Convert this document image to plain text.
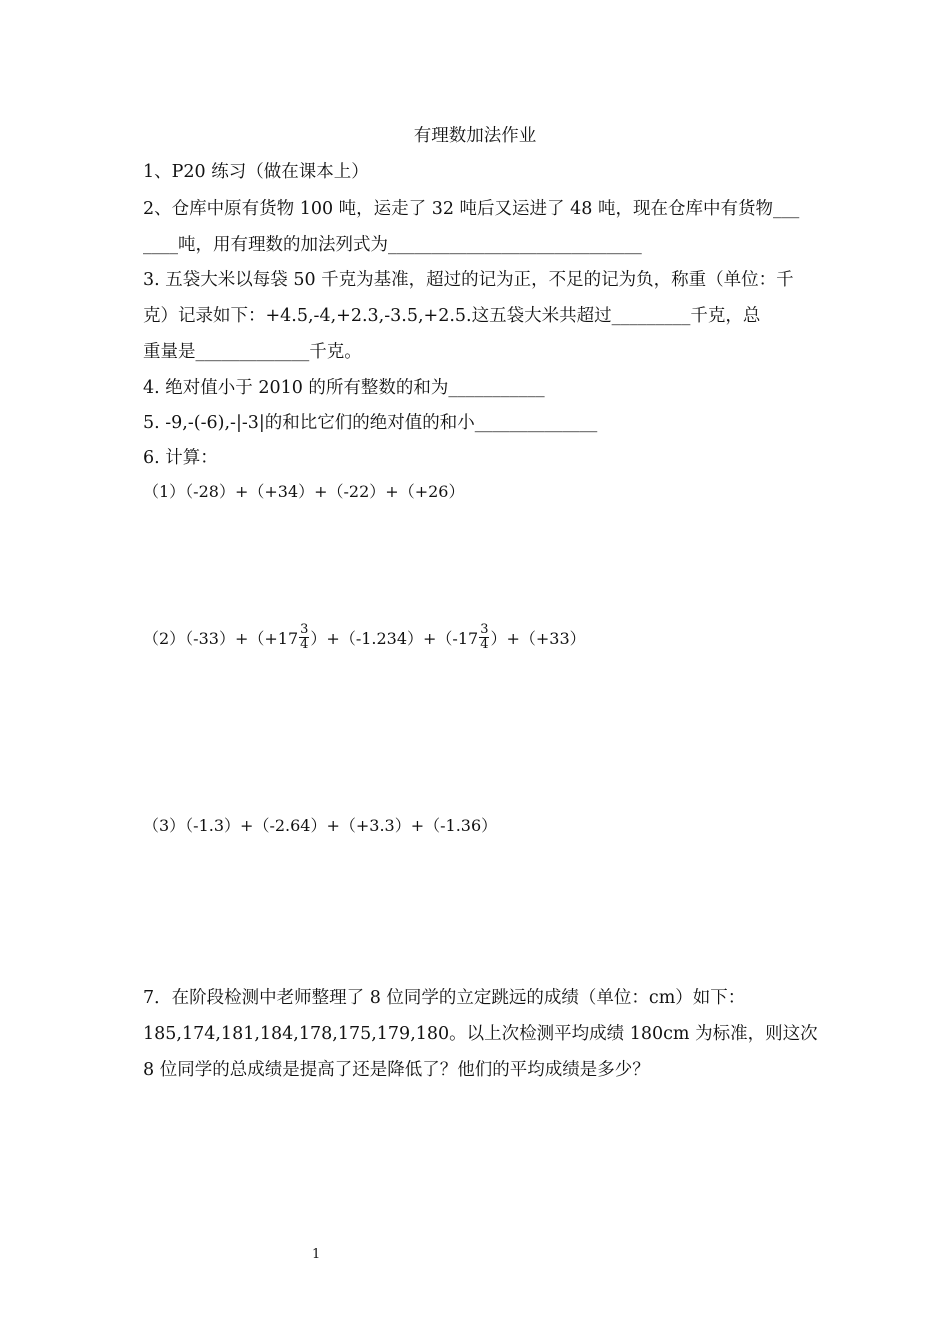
有理数加法作业
1、P20 练习（做在课本上）
2、仓库中原有货物 100 吨，运走了 32 吨后又运进了 48 吨，现在仓库中有货物___
____吨，用有理数的加法列式为_____________________________
3. 五袋大米以每袋 50 千克为基准，超过的记为正，不足的记为负，称重（单位：千
克）记录如下：+4.5,-4,+2.3,-3.5,+2.5.这五袋大米共超过_________千克，总
重量是_____________千克。
4. 绝对值小于 2010 的所有整数的和为___________
5. -9,-(-6),-|-3|的和比它们的绝对值的和小______________
6. 计算：
（1）（-28）+（+34）+（-22）+（+26）
$(2)(-33)+(+17 \frac{3}{4} )+(-1.234)+(-17 \frac{3}{4} )+(+33)$
（3）（-1.3）+（-2.64）+（+3.3）+（-1.36）
7．在阶段检测中老师整理了 8 位同学的立定跳远的成绩（单位：cm）如下：
185,174,181,184,178,175,179,180。以上次检测平均成绩 180cm 为标准，则这次
8 位同学的总成绩是提高了还是降低了？他们的平均成绩是多少？
1
